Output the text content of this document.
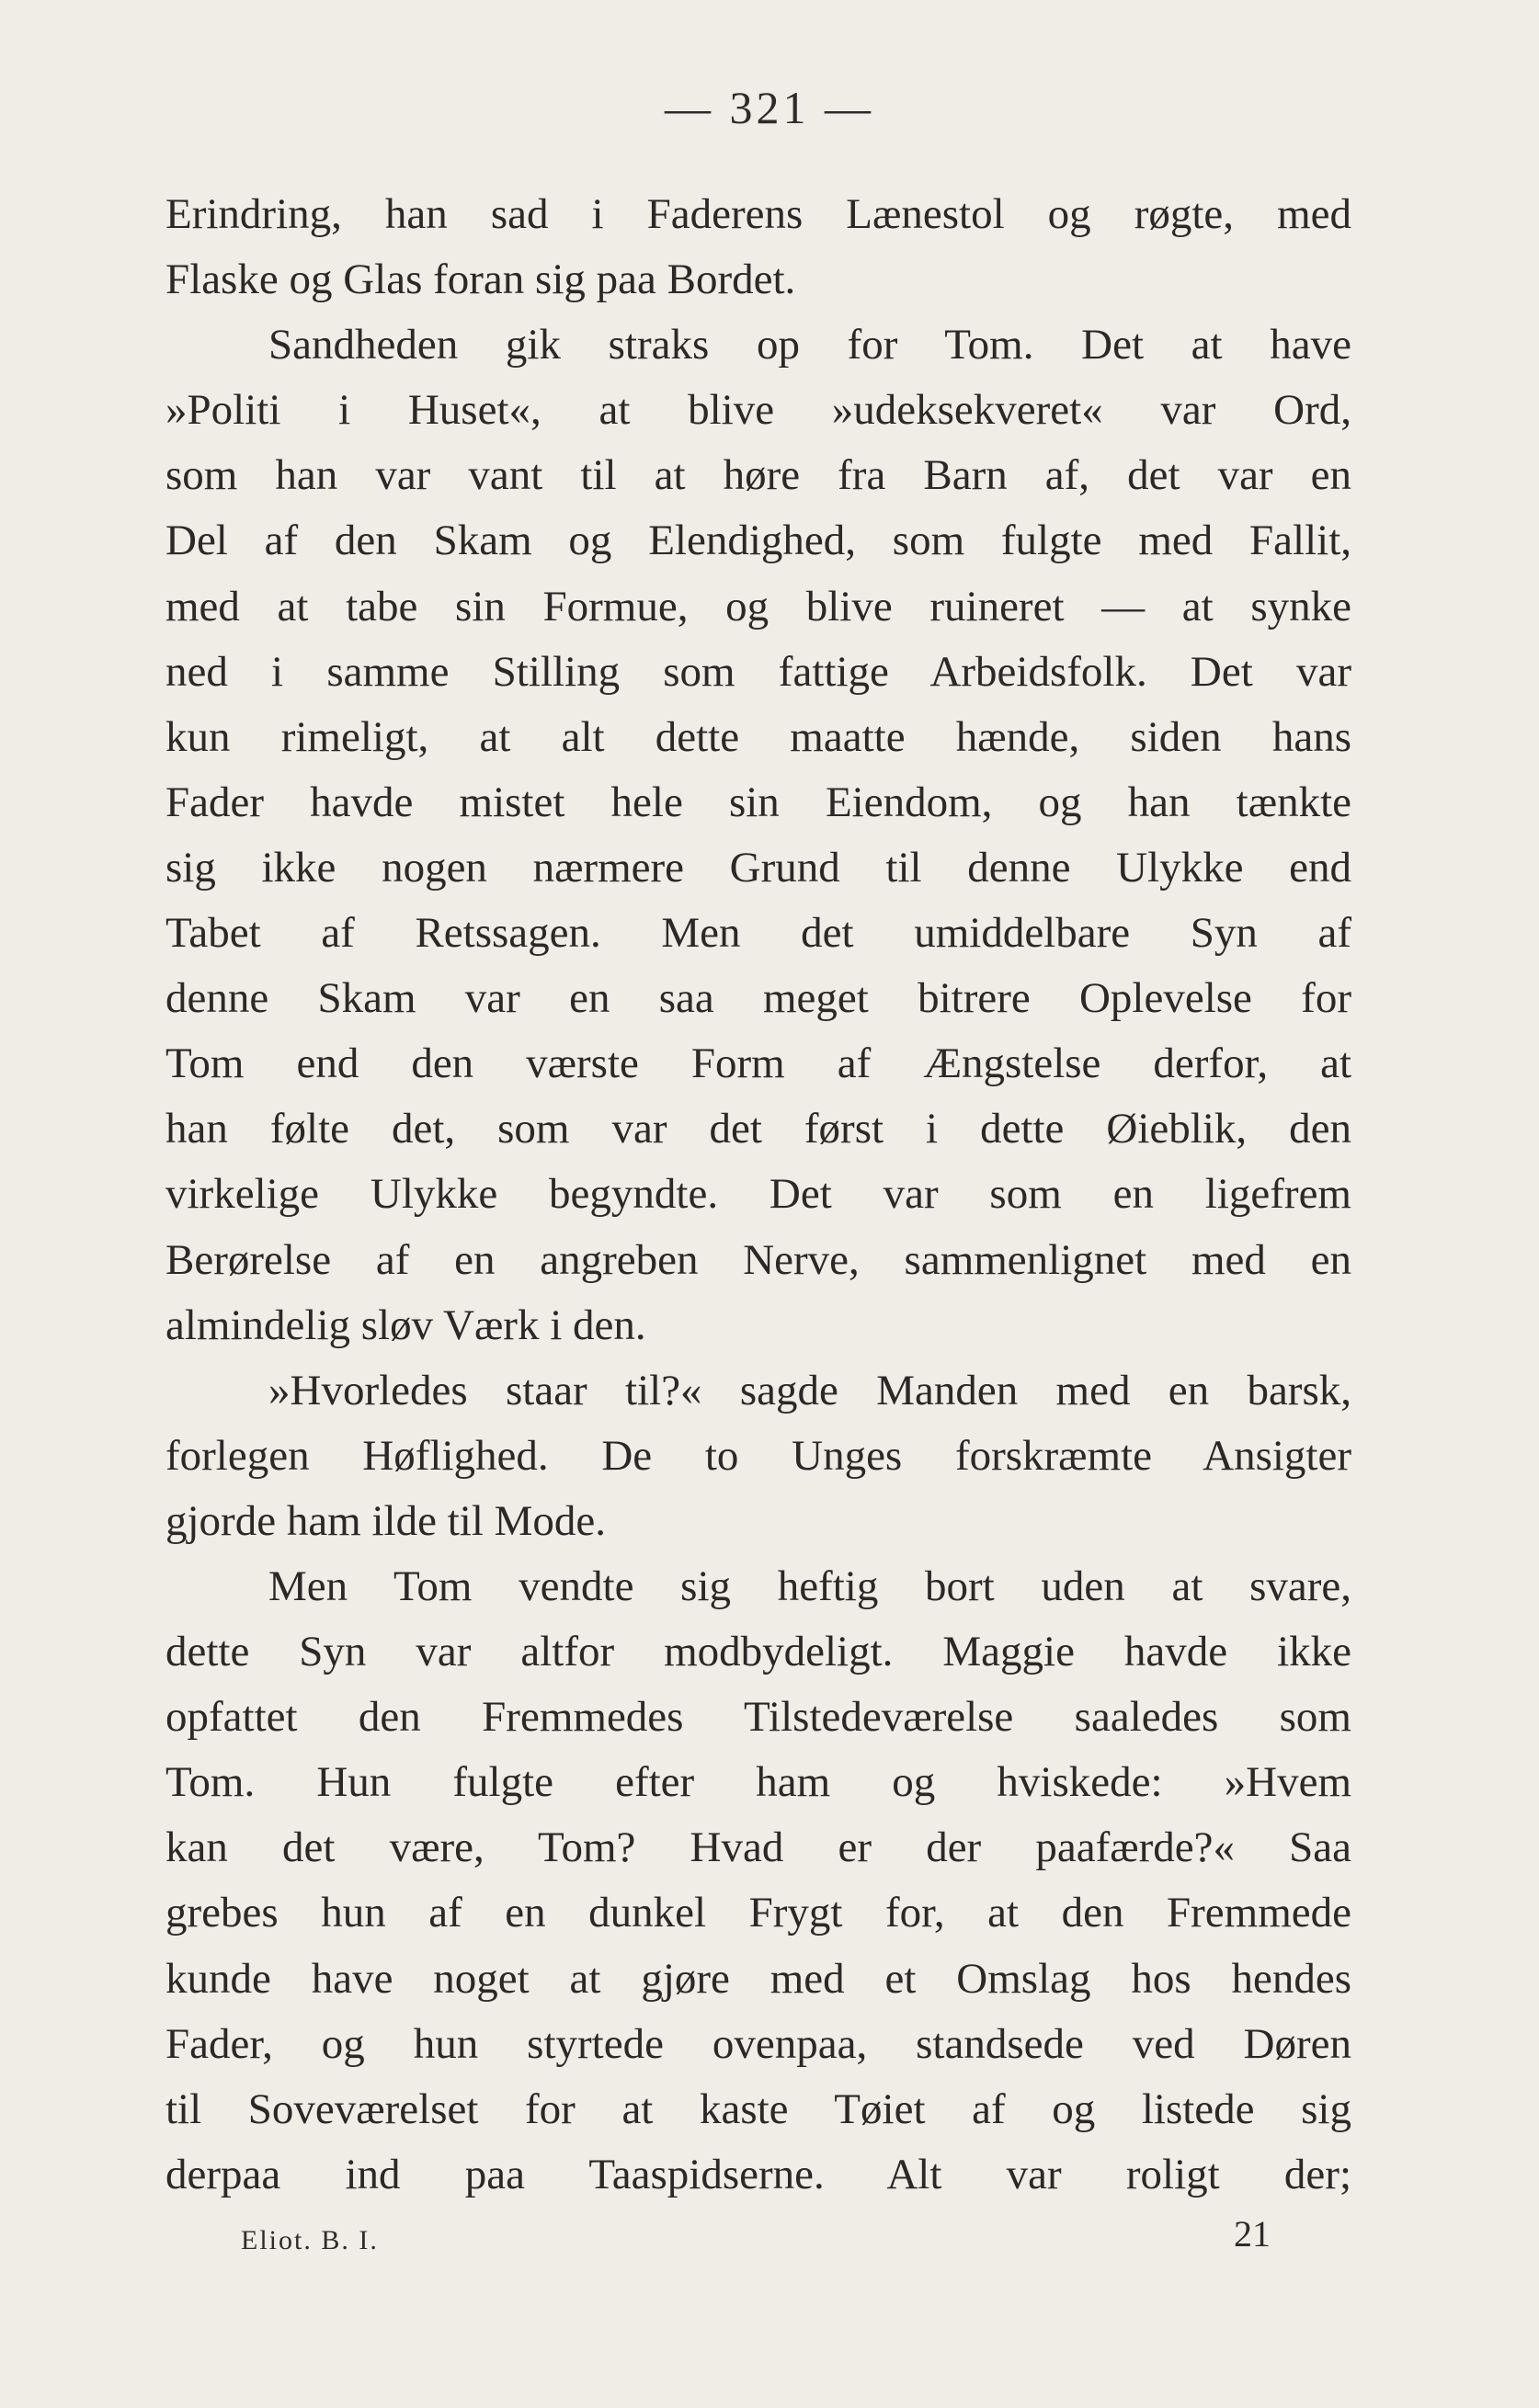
— 321 —
Erindring, han sad i Faderens Lænestol og røgte, med
Flaske og Glas foran sig paa Bordet.
Sandheden gik straks op for Tom. Det at have
»Politi i Huset«, at blive »udeksekveret« var Ord,
som han var vant til at høre fra Barn af, det var en
Del af den Skam og Elendighed, som fulgte med Fallit,
med at tabe sin Formue, og blive ruineret — at synke
ned i samme Stilling som fattige Arbeidsfolk. Det var
kun rimeligt, at alt dette maatte hænde, siden hans
Fader havde mistet hele sin Eiendom, og han tænkte
sig ikke nogen nærmere Grund til denne Ulykke end
Tabet af Retssagen. Men det umiddelbare Syn af
denne Skam var en saa meget bitrere Oplevelse for
Tom end den værste Form af Ængstelse derfor, at
han følte det, som var det først i dette Øieblik, den
virkelige Ulykke begyndte. Det var som en ligefrem
Berørelse af en angreben Nerve, sammenlignet med en
almindelig sløv Værk i den.
»Hvorledes staar til?« sagde Manden med en barsk,
forlegen Høflighed. De to Unges forskræmte Ansigter
gjorde ham ilde til Mode.
Men Tom vendte sig heftig bort uden at svare,
dette Syn var altfor modbydeligt. Maggie havde ikke
opfattet den Fremmedes Tilstedeværelse saaledes som
Tom. Hun fulgte efter ham og hviskede: »Hvem
kan det være, Tom? Hvad er der paafærde?« Saa
grebes hun af en dunkel Frygt for, at den Fremmede
kunde have noget at gjøre med et Omslag hos hendes
Fader, og hun styrtede ovenpaa, standsede ved Døren
til Soveværelset for at kaste Tøiet af og listede sig
derpaa ind paa Taaspidserne. Alt var roligt der;
Eliot. B. I.	21
